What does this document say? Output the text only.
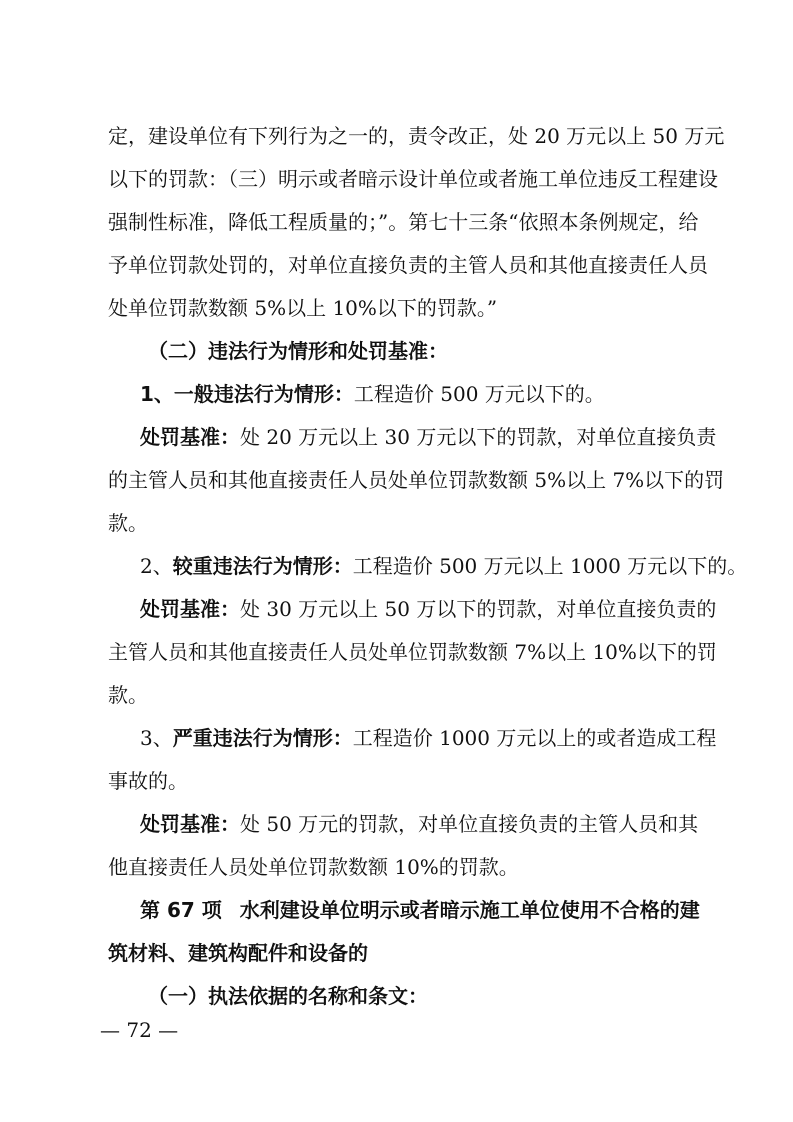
定，建设单位有下列行为之一的，责令改正，处 20 万元以上 50 万元
以下的罚款：（三）明示或者暗示设计单位或者施工单位违反工程建设
强制性标准，降低工程质量的；”。第七十三条“依照本条例规定，给
予单位罚款处罚的，对单位直接负责的主管人员和其他直接责任人员
处单位罚款数额 5%以上 10%以下的罚款。”
（二）违法行为情形和处罚基准：
1、一般违法行为情形：工程造价 500 万元以下的。
处罚基准：处 20 万元以上 30 万元以下的罚款，对单位直接负责
的主管人员和其他直接责任人员处单位罚款数额 5%以上 7%以下的罚
款。
2、较重违法行为情形：工程造价 500 万元以上 1000 万元以下的。
处罚基准：处 30 万元以上 50 万以下的罚款，对单位直接负责的
主管人员和其他直接责任人员处单位罚款数额 7%以上 10%以下的罚
款。
3、严重违法行为情形：工程造价 1000 万元以上的或者造成工程
事故的。
处罚基准：处 50 万元的罚款，对单位直接负责的主管人员和其
他直接责任人员处单位罚款数额 10%的罚款。
第 67 项 水利建设单位明示或者暗示施工单位使用不合格的建
筑材料、建筑构配件和设备的
（一）执法依据的名称和条文：
— 72 —
